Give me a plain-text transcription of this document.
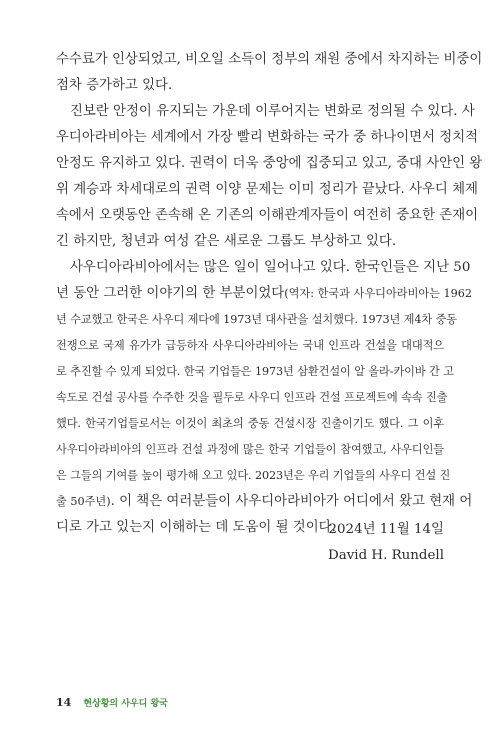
수수료가 인상되었고, 비오일 소득이 정부의 재원 중에서 차지하는 비중이
점차 증가하고 있다.
진보란 안정이 유지되는 가운데 이루어지는 변화로 정의될 수 있다. 사
우디아라비아는 세계에서 가장 빨리 변화하는 국가 중 하나이면서 정치적
안정도 유지하고 있다. 권력이 더욱 중앙에 집중되고 있고, 중대 사안인 왕
위 계승과 차세대로의 권력 이양 문제는 이미 정리가 끝났다. 사우디 체제
속에서 오랫동안 존속해 온 기존의 이해관계자들이 여전히 중요한 존재이
긴 하지만, 청년과 여성 같은 새로운 그룹도 부상하고 있다.
사우디아라비아에서는 많은 일이 일어나고 있다. 한국인들은 지난 50
년 동안 그러한 이야기의 한 부분이었다(역자: 한국과 사우디아라비아는 1962
년 수교했고 한국은 사우디 제다에 1973년 대사관을 설치했다. 1973년 제4차 중동
전쟁으로 국제 유가가 급등하자 사우디아라비아는 국내 인프라 건설을 대대적으
로 추진할 수 있게 되었다. 한국 기업들은 1973년 삼환건설이 알 올라-카이바 간 고
속도로 건설 공사를 수주한 것을 필두로 사우디 인프라 건설 프로젝트에 속속 진출
했다. 한국기업들로서는 이것이 최초의 중동 건설시장 진출이기도 했다. 그 이후
사우디아라비아의 인프라 건설 과정에 많은 한국 기업들이 참여했고, 사우디인들
은 그들의 기여를 높이 평가해 오고 있다. 2023년은 우리 기업들의 사우디 건설 진
출 50주년). 이 책은 여러분들이 사우디아라비아가 어디에서 왔고 현재 어
디로 가고 있는지 이해하는 데 도움이 될 것이다.
2024년 11월 14일
David H. Rundell
14 현상황의 사우디 왕국
